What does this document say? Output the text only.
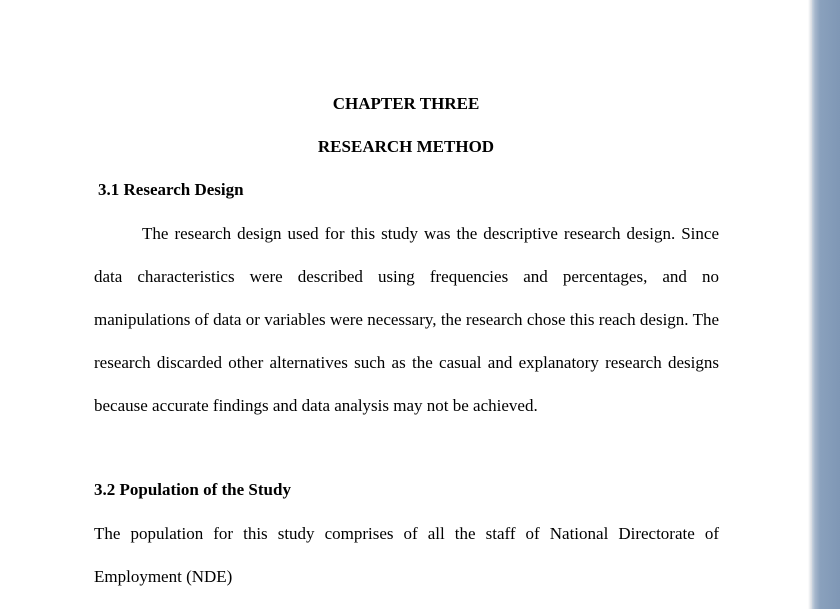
CHAPTER THREE
RESEARCH METHOD
3.1 Research Design

The research design used for this study was the descriptive research design. Since data characteristics were described using frequencies and percentages, and no manipulations of data or variables were necessary, the research chose this reach design. The research discarded other alternatives such as the casual and explanatory research designs because accurate findings and data analysis may not be achieved.

3.2 Population of the Study

The population for this study comprises of all the staff of National Directorate of Employment (NDE)
